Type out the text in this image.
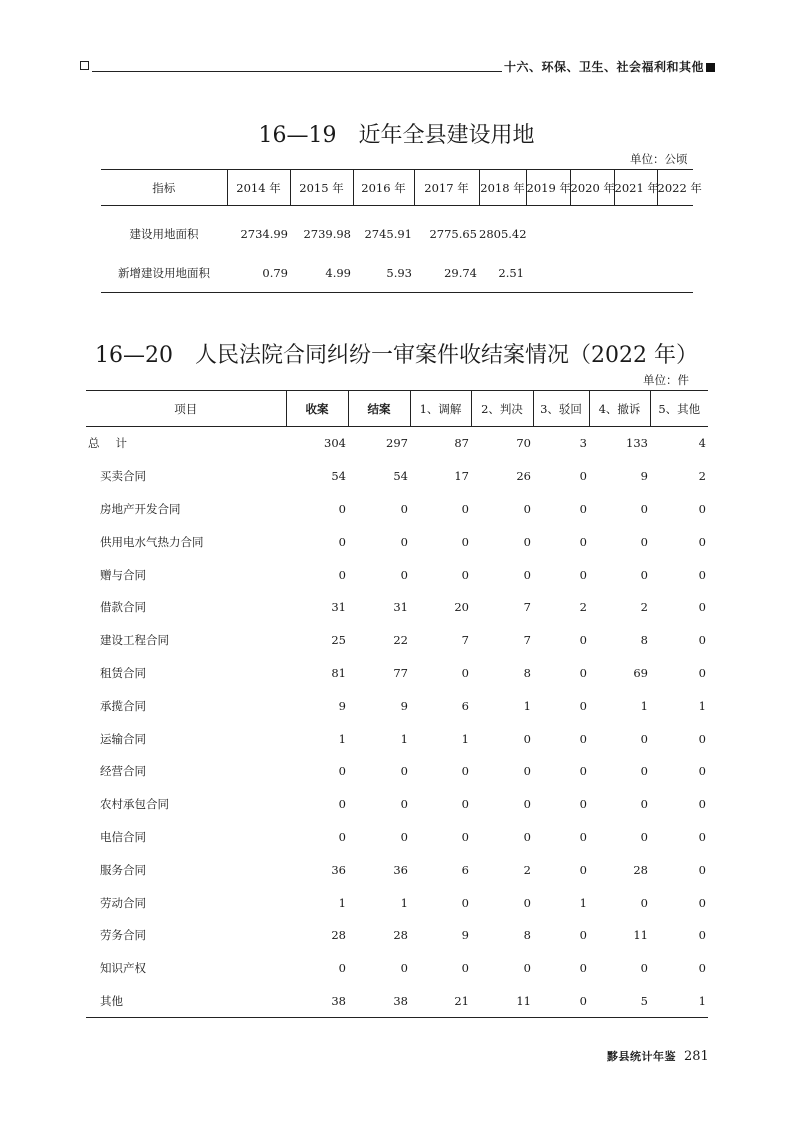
十六、环保、卫生、社会福利和其他
16—19 近年全县建设用地
单位：公顷
指标	2014 年	2015 年	2016 年	2017 年	2018 年	2019 年	2020 年	2021 年	2022 年
建设用地面积	2734.99	2739.98	2745.91	2775.65	2805.42				
新增建设用地面积	0.79	4.99	5.93	29.74	2.51				
16—20 人民法院合同纠纷一审案件收结案情况（2022 年）
单位：件
项目	收案	结案	1、调解	2、判决	3、驳回	4、撤诉	5、其他
总计	304	297	87	70	3	133	4
买卖合同	54	54	17	26	0	9	2
房地产开发合同	0	0	0	0	0	0	0
供用电水气热力合同	0	0	0	0	0	0	0
赠与合同	0	0	0	0	0	0	0
借款合同	31	31	20	7	2	2	0
建设工程合同	25	22	7	7	0	8	0
租赁合同	81	77	0	8	0	69	0
承揽合同	9	9	6	1	0	1	1
运输合同	1	1	1	0	0	0	0
经营合同	0	0	0	0	0	0	0
农村承包合同	0	0	0	0	0	0	0
电信合同	0	0	0	0	0	0	0
服务合同	36	36	6	2	0	28	0
劳动合同	1	1	0	0	1	0	0
劳务合同	28	28	9	8	0	11	0
知识产权	0	0	0	0	0	0	0
其他	38	38	21	11	0	5	1
黟县统计年鉴 281
